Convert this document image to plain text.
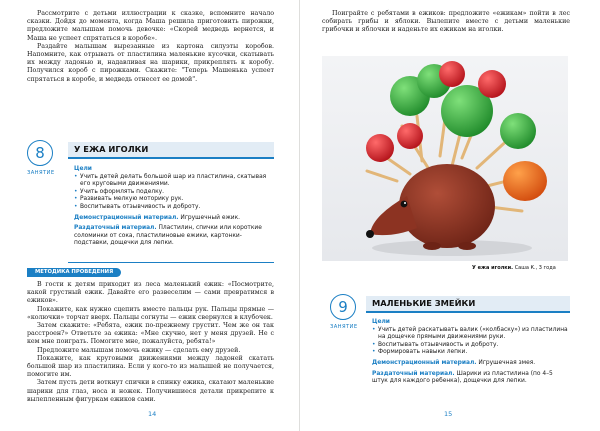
Рассмотрите с детьми иллюстрации к сказке, вспомните начало сказки. Дойдя до момента, когда Маша решила приготовить пирожки, предложите малышам помочь девочке: «Скорей медведь вернется, и Маша не успеет спрятаться в коробе».

Раздайте малышам вырезанные из картона силуэты коробов. Напомните, как отрывать от пластилина маленькие кусочки, скатывать их между ладонью и, надавливая на шарики, прикреплять к коробу. Получился короб с пирожками. Скажите: "Теперь Машенька успеет спрятаться в коробе, и медведь отнесет ее домой".

8
ЗАНЯТИЕ
У ЕЖА ИГОЛКИ
Цели
• Учить детей делать большой шар из пластилина, скатывая его круговыми движениями.
• Учить оформлять поделку.
• Развивать мелкую моторику рук.
• Воспитывать отзывчивость и доброту.
Демонстрационный материал. Игрушечный ежик.
Раздаточный материал. Пластилин, спички или короткие соломинки от сока, пластилиновые ежики, картонки-подставки, дощечки для лепки.
МЕТОДИКА ПРОВЕДЕНИЯ

В гости к детям приходит из леса маленький ежик: «Посмотрите, какой грустный ежик. Давайте его развеселим — сами превратимся в ежиков».

Покажите, как нужно сцепить вместе пальцы рук. Пальцы прямые — «колючки» торчат вверх. Пальцы согнуты — ежик свернулся в клубочек.

Затем скажите: «Ребята, ежик по-прежнему грустит. Чем же он так расстроен?» Ответьте за ежика: «Мне скучно, нет у меня друзей. Не с кем мне поиграть. Помогите мне, пожалуйста, ребята!»

Предложите малышам помочь ежику — сделать ему друзей.

Покажите, как круговыми движениями между ладоней скатать большой шар из пластилина. Если у кого-то из малышей не получается, помогите им.

Затем пусть дети воткнут спички в спинку ежика, скатают маленькие шарики для глаз, носа и ножек. Получившиеся детали прикрепите к вылепленным фигуркам ежиков сами.

14

Поиграйте с ребятами в ежиков: предложите «ежикам» пойти в лес собирать грибы и яблоки. Вылепите вместе с детьми маленькие грибочки и яблочки и наденьте их ежикам на иголки.

У ежа иголки. Саша К., 3 года
9
ЗАНЯТИЕ
МАЛЕНЬКИЕ ЗМЕЙКИ
Цели
• Учить детей раскатывать валик («колбаску») из пластилина на дощечке прямыми движениями руки.
• Воспитывать отзывчивость и доброту.
• Формировать навыки лепки.
Демонстрационный материал. Игрушечная змея.
Раздаточный материал. Шарики из пластилина (по 4–5 штук для каждого ребенка), дощечки для лепки.
15
